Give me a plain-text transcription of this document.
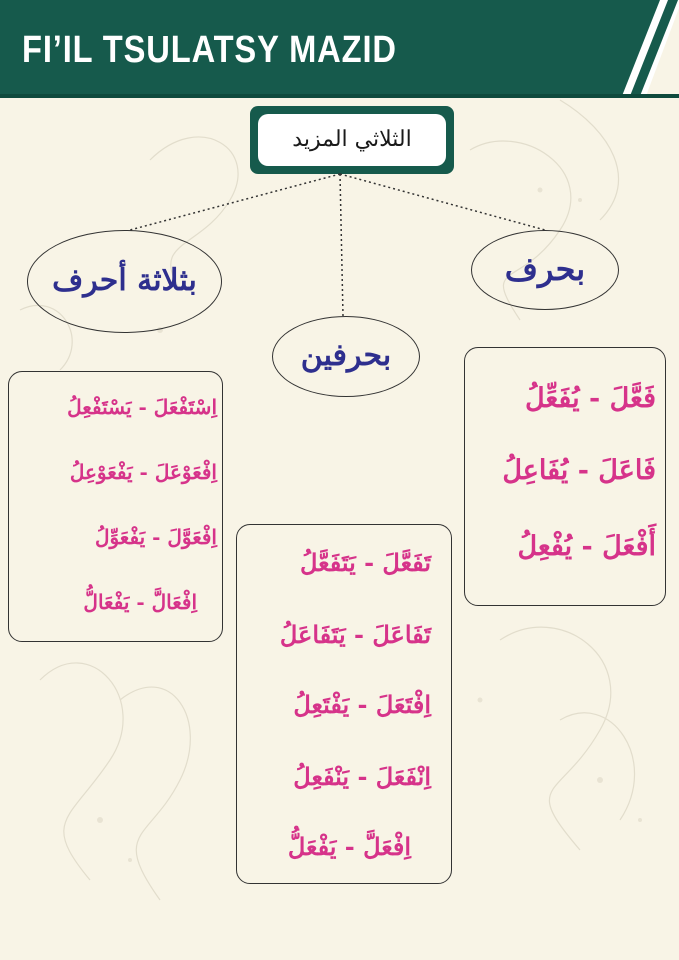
FI’IL TSULATSY MAZID
الثلاثي المزيد
بثلاثة أحرف
بحرفين
بحرف
فَعَّلَ - يُفَعِّلُ
فَاعَلَ - يُفَاعِلُ
أَفْعَلَ - يُفْعِلُ
تَفَعَّلَ - يَتَفَعَّلُ
تَفَاعَلَ - يَتَفَاعَلُ
اِفْتَعَلَ - يَفْتَعِلُ
اِنْفَعَلَ - يَنْفَعِلُ
اِفْعَلَّ - يَفْعَلُّ
اِسْتَفْعَلَ - يَسْتَفْعِلُ
اِفْعَوْعَلَ - يَفْعَوْعِلُ
اِفْعَوَّلَ - يَفْعَوِّلُ
اِفْعَالَّ - يَفْعَالُّ
